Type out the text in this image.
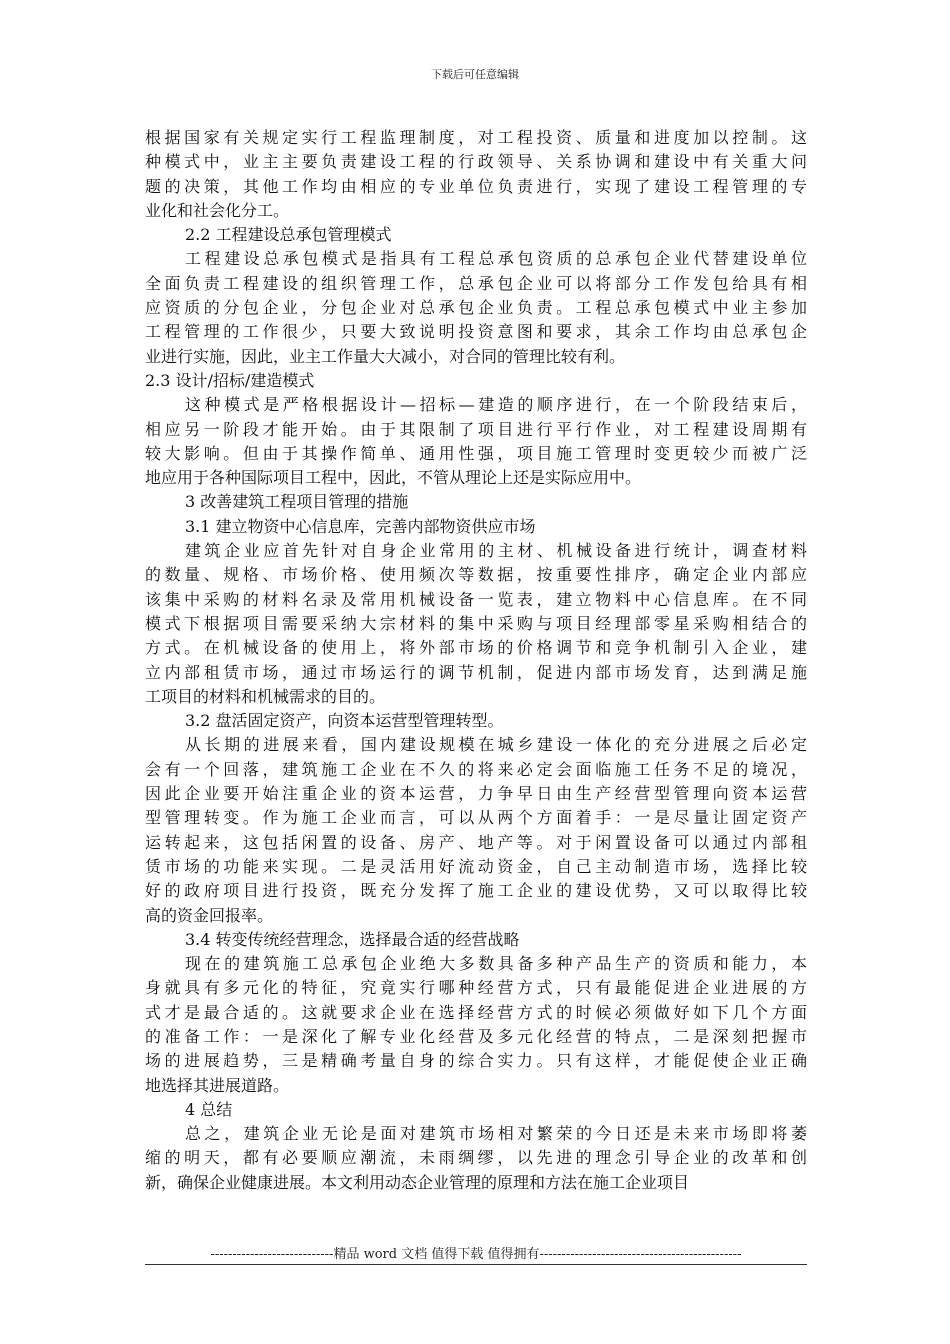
下载后可任意编辑
根据国家有关规定实行工程监理制度，对工程投资、质量和进度加以控制。这
种模式中，业主主要负责建设工程的行政领导、关系协调和建设中有关重大问
题的决策，其他工作均由相应的专业单位负责进行，实现了建设工程管理的专
业化和社会化分工。
2.2 工程建设总承包管理模式
工程建设总承包模式是指具有工程总承包资质的总承包企业代替建设单位
全面负责工程建设的组织管理工作，总承包企业可以将部分工作发包给具有相
应资质的分包企业，分包企业对总承包企业负责。工程总承包模式中业主参加
工程管理的工作很少，只要大致说明投资意图和要求，其余工作均由总承包企
业进行实施，因此，业主工作量大大减小，对合同的管理比较有利。
2.3 设计/招标/建造模式
这种模式是严格根据设计—招标—建造的顺序进行，在一个阶段结束后，
相应另一阶段才能开始。由于其限制了项目进行平行作业，对工程建设周期有
较大影响。但由于其操作简单、通用性强，项目施工管理时变更较少而被广泛
地应用于各种国际项目工程中，因此，不管从理论上还是实际应用中。
3 改善建筑工程项目管理的措施
3.1 建立物资中心信息库，完善内部物资供应市场
建筑企业应首先针对自身企业常用的主材、机械设备进行统计，调查材料
的数量、规格、市场价格、使用频次等数据，按重要性排序，确定企业内部应
该集中采购的材料名录及常用机械设备一览表，建立物料中心信息库。在不同
模式下根据项目需要采纳大宗材料的集中采购与项目经理部零星采购相结合的
方式。在机械设备的使用上，将外部市场的价格调节和竞争机制引入企业，建
立内部租赁市场，通过市场运行的调节机制，促进内部市场发育，达到满足施
工项目的材料和机械需求的目的。
3.2 盘活固定资产，向资本运营型管理转型。
从长期的进展来看，国内建设规模在城乡建设一体化的充分进展之后必定
会有一个回落，建筑施工企业在不久的将来必定会面临施工任务不足的境况，
因此企业要开始注重企业的资本运营，力争早日由生产经营型管理向资本运营
型管理转变。作为施工企业而言，可以从两个方面着手：一是尽量让固定资产
运转起来，这包括闲置的设备、房产、地产等。对于闲置设备可以通过内部租
赁市场的功能来实现。二是灵活用好流动资金，自己主动制造市场，选择比较
好的政府项目进行投资，既充分发挥了施工企业的建设优势，又可以取得比较
高的资金回报率。
3.4 转变传统经营理念，选择最合适的经营战略
现在的建筑施工总承包企业绝大多数具备多种产品生产的资质和能力，本
身就具有多元化的特征，究竟实行哪种经营方式，只有最能促进企业进展的方
式才是最合适的。这就要求企业在选择经营方式的时候必须做好如下几个方面
的准备工作：一是深化了解专业化经营及多元化经营的特点，二是深刻把握市
场的进展趋势，三是精确考量自身的综合实力。只有这样，才能促使企业正确
地选择其进展道路。
4 总结
总之，建筑企业无论是面对建筑市场相对繁荣的今日还是未来市场即将萎
缩的明天，都有必要顺应潮流，未雨绸缪，以先进的理念引导企业的改革和创
新，确保企业健康进展。本文利用动态企业管理的原理和方法在施工企业项目
----------------------------精品 word 文档 值得下载 值得拥有----------------------------------------------
